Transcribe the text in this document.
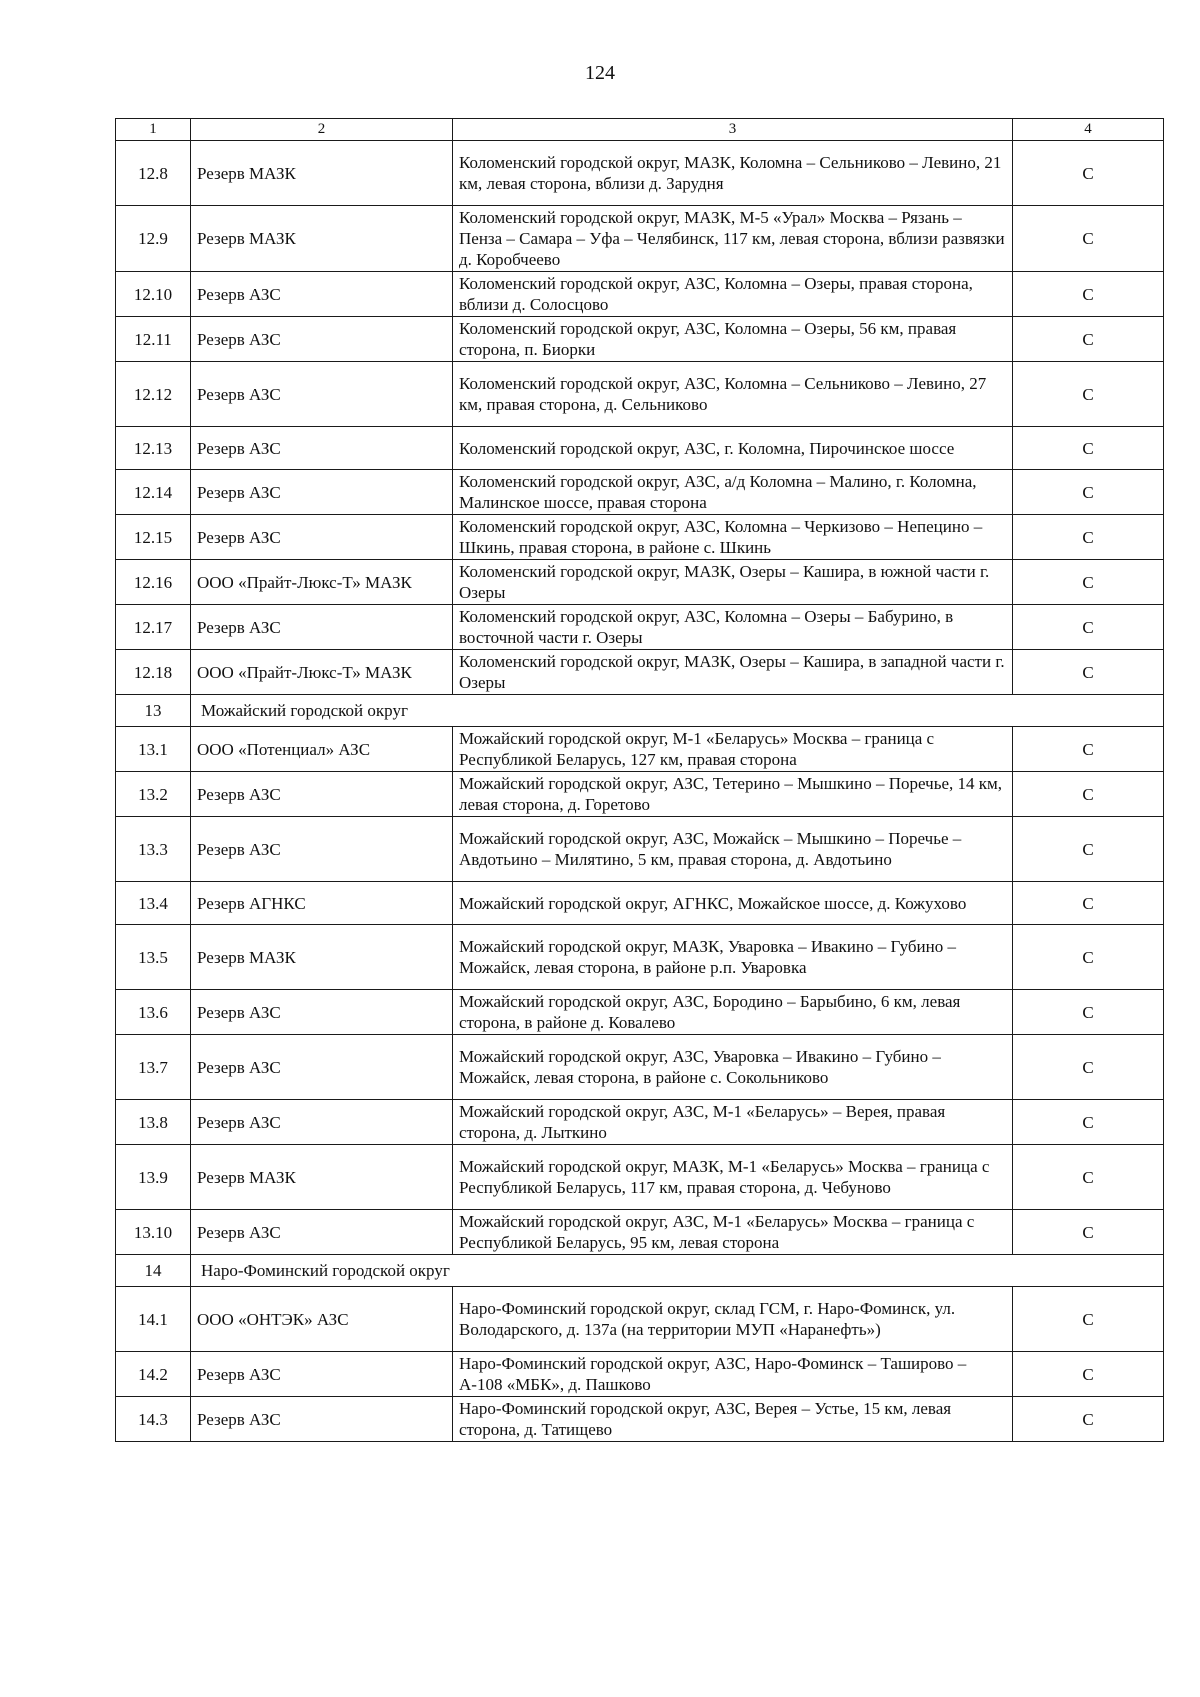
124
1	2	3	4
12.8	Резерв МАЗК	Коломенский городской округ, МАЗК, Коломна – Сельниково – Левино, 21 км, левая сторона, вблизи д. Зарудня	С
12.9	Резерв МАЗК	Коломенский городской округ, МАЗК, М-5 «Урал» Москва – Рязань – Пенза – Самара – Уфа – Челябинск, 117 км, левая сторона, вблизи развязки д. Коробчеево	С
12.10	Резерв АЗС	Коломенский городской округ, АЗС, Коломна – Озеры, правая сторона, вблизи д. Солосцово	С
12.11	Резерв АЗС	Коломенский городской округ, АЗС, Коломна – Озеры, 56 км, правая сторона, п. Биорки	С
12.12	Резерв АЗС	Коломенский городской округ, АЗС, Коломна – Сельниково – Левино, 27 км, правая сторона, д. Сельниково	С
12.13	Резерв АЗС	Коломенский городской округ, АЗС, г. Коломна, Пирочинское шоссе	С
12.14	Резерв АЗС	Коломенский городской округ, АЗС, а/д Коломна – Малино, г. Коломна, Малинское шоссе, правая сторона	С
12.15	Резерв АЗС	Коломенский городской округ, АЗС, Коломна – Черкизово – Непецино – Шкинь, правая сторона, в районе с. Шкинь	С
12.16	ООО «Прайт-Люкс-Т» МАЗК	Коломенский городской округ, МАЗК, Озеры – Кашира, в южной части г. Озеры	С
12.17	Резерв АЗС	Коломенский городской округ, АЗС, Коломна – Озеры – Бабурино, в восточной части г. Озеры	С
12.18	ООО «Прайт-Люкс-Т» МАЗК	Коломенский городской округ, МАЗК, Озеры – Кашира, в западной части г. Озеры	С
13	Можайский городской округ		
13.1	ООО «Потенциал» АЗС	Можайский городской округ, М-1 «Беларусь» Москва – граница с Республикой Беларусь, 127 км, правая сторона	С
13.2	Резерв АЗС	Можайский городской округ, АЗС, Тетерино – Мышкино – Поречье, 14 км, левая сторона, д. Горетово	С
13.3	Резерв АЗС	Можайский городской округ, АЗС, Можайск – Мышкино – Поречье – Авдотьино – Милятино, 5 км, правая сторона, д. Авдотьино	С
13.4	Резерв АГНКС	Можайский городской округ, АГНКС, Можайское шоссе, д. Кожухово	С
13.5	Резерв МАЗК	Можайский городской округ, МАЗК, Уваровка – Ивакино – Губино – Можайск, левая сторона, в районе р.п. Уваровка	С
13.6	Резерв АЗС	Можайский городской округ, АЗС, Бородино – Барыбино, 6 км, левая сторона, в районе д. Ковалево	С
13.7	Резерв АЗС	Можайский городской округ, АЗС, Уваровка – Ивакино – Губино – Можайск, левая сторона, в районе с. Сокольниково	С
13.8	Резерв АЗС	Можайский городской округ, АЗС, М-1 «Беларусь» – Верея, правая сторона, д. Лыткино	С
13.9	Резерв МАЗК	Можайский городской округ, МАЗК, М-1 «Беларусь» Москва – граница с Республикой Беларусь, 117 км, правая сторона, д. Чебуново	С
13.10	Резерв АЗС	Можайский городской округ, АЗС, М-1 «Беларусь» Москва – граница с Республикой Беларусь, 95 км, левая сторона	С
14	Наро-Фоминский городской округ		
14.1	ООО «ОНТЭК» АЗС	Наро-Фоминский городской округ, склад ГСМ, г. Наро-Фоминск, ул. Володарского, д. 137а (на территории МУП «Наранефть»)	С
14.2	Резерв АЗС	Наро-Фоминский городской округ, АЗС, Наро-Фоминск – Таширово – А-108 «МБК», д. Пашково	С
14.3	Резерв АЗС	Наро-Фоминский городской округ, АЗС, Верея – Устье, 15 км, левая сторона, д. Татищево	С
